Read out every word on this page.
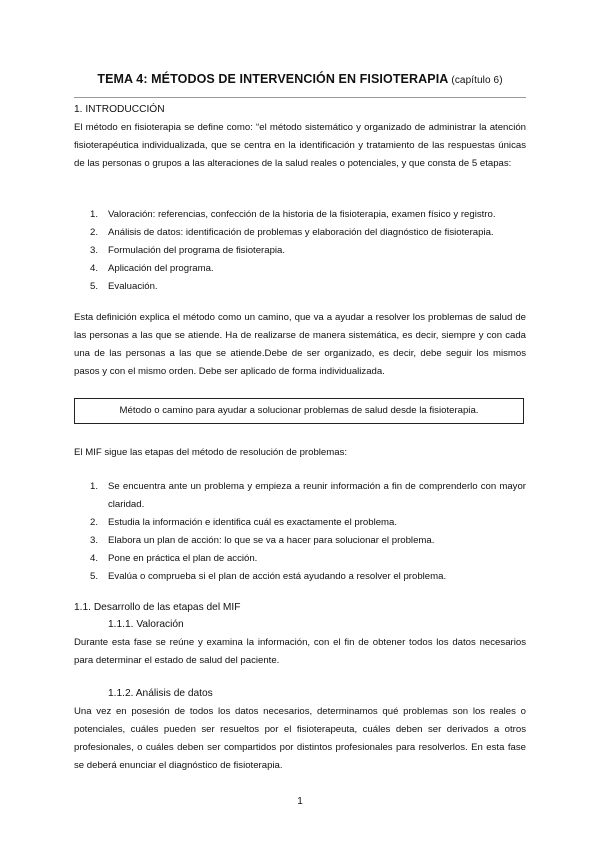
TEMA 4: MÉTODOS DE INTERVENCIÓN EN FISIOTERAPIA (capítulo 6)
1. INTRODUCCIÓN
El método en fisioterapia se define como: “el método sistemático y organizado de administrar la atención fisioterapéutica individualizada, que se centra en la identificación y tratamiento de las respuestas únicas de las personas o grupos a las alteraciones de la salud reales o potenciales, y que consta de 5 etapas:
1. Valoración: referencias, confección de la historia de la fisioterapia, examen físico y registro.
2. Análisis de datos: identificación de problemas y elaboración del diagnóstico de fisioterapia.
3. Formulación del programa de fisioterapia.
4. Aplicación del programa.
5. Evaluación.
Esta definición explica el método como un camino, que va a ayudar a resolver los problemas de salud de las personas a las que se atiende. Ha de realizarse de manera sistemática, es decir, siempre y con cada una de las personas a las que se atiende.Debe de ser organizado, es decir, debe seguir los mismos pasos y con el mismo orden. Debe ser aplicado de forma individualizada.
Método o camino para ayudar a solucionar problemas de salud desde la fisioterapia.
El MIF sigue las etapas del método de resolución de problemas:
1. Se encuentra ante un problema y empieza a reunir información a fin de comprenderlo con mayor claridad.
2. Estudia la información e identifica cuál es exactamente el problema.
3. Elabora un plan de acción: lo que se va a hacer para solucionar el problema.
4. Pone en práctica el plan de acción.
5. Evalúa o comprueba si el plan de acción está ayudando a resolver el problema.
1.1. Desarrollo de las etapas del MIF
1.1.1. Valoración
Durante esta fase se reúne y examina la información, con el fin de obtener todos los datos necesarios para determinar el estado de salud del paciente.
1.1.2. Análisis de datos
Una vez en posesión de todos los datos necesarios, determinamos qué problemas son los reales o potenciales, cuáles pueden ser resueltos por el fisioterapeuta, cuáles deben ser derivados a otros profesionales, o cuáles deben ser compartidos por distintos profesionales para resolverlos. En esta fase se deberá enunciar el diagnóstico de fisioterapia.
1
